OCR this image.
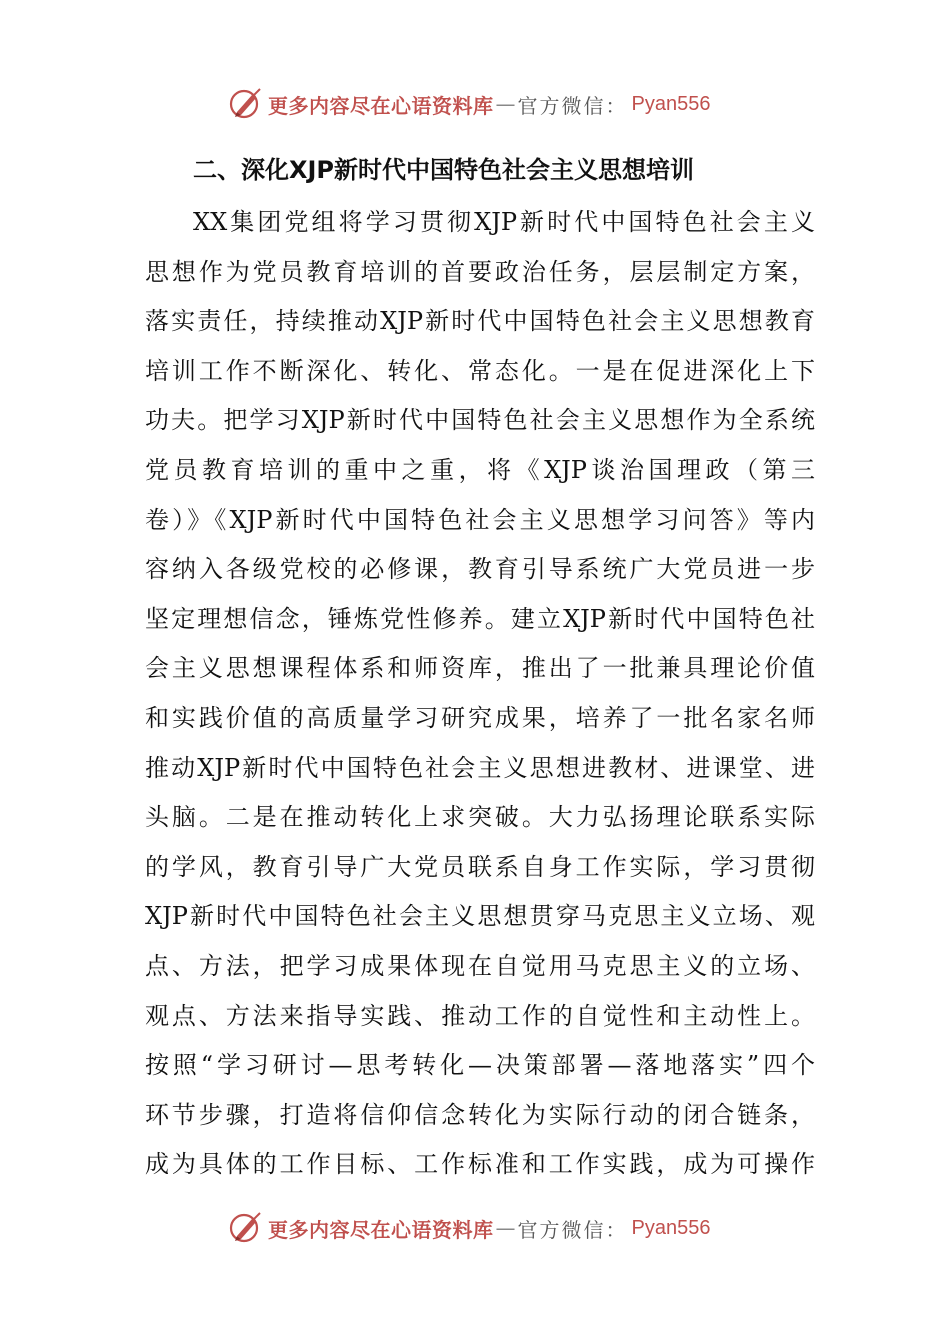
更多内容尽在心语资料库 — 官方微信： Pyan556
二、深化XJP新时代中国特色社会主义思想培训
XX集团党组将学习贯彻XJP新时代中国特色社会主义
思想作为党员教育培训的首要政治任务，层层制定方案，
落实责任，持续推动XJP新时代中国特色社会主义思想教育
培训工作不断深化、转化、常态化。一是在促进深化上下
功夫。把学习XJP新时代中国特色社会主义思想作为全系统
党员教育培训的重中之重，将《XJP谈治国理政（第三
卷）》《XJP新时代中国特色社会主义思想学习问答》等内
容纳入各级党校的必修课，教育引导系统广大党员进一步
坚定理想信念，锤炼党性修养。建立XJP新时代中国特色社
会主义思想课程体系和师资库，推出了一批兼具理论价值
和实践价值的高质量学习研究成果，培养了一批名家名师
推动XJP新时代中国特色社会主义思想进教材、进课堂、进
头脑。二是在推动转化上求突破。大力弘扬理论联系实际
的学风，教育引导广大党员联系自身工作实际，学习贯彻
XJP新时代中国特色社会主义思想贯穿马克思主义立场、观
点、方法，把学习成果体现在自觉用马克思主义的立场、
观点、方法来指导实践、推动工作的自觉性和主动性上。
按照“学习研讨—思考转化—决策部署—落地落实”四个
环节步骤，打造将信仰信念转化为实际行动的闭合链条，
成为具体的工作目标、工作标准和工作实践，成为可操作
更多内容尽在心语资料库 — 官方微信： Pyan556
